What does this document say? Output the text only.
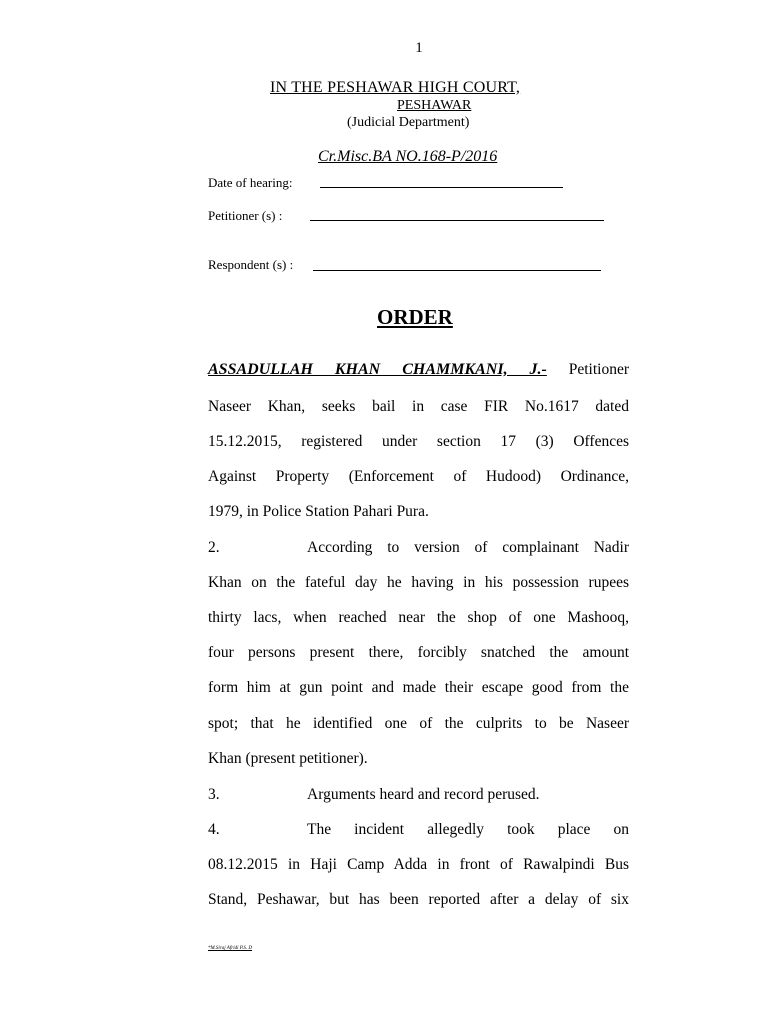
1
IN THE PESHAWAR HIGH COURT,
PESHAWAR
(Judicial Department)
Cr.Misc.BA NO.168-P/2016
Date of hearing:
Petitioner (s) :
Respondent (s) :
ORDER
ASSADULLAH KHAN CHAMMKANI, J.- Petitioner
Naseer Khan, seeks bail in case FIR No.1617 dated
15.12.2015, registered under section 17 (3) Offences
Against Property (Enforcement of Hudood) Ordinance,
1979, in Police Station Pahari Pura.
2.	According to version of complainant Nadir
Khan on the fateful day he having in his possession rupees
thirty lacs, when reached near the shop of one Mashooq,
four persons present there, forcibly snatched the amount
form him at gun point and made their escape good from the
spot; that he identified one of the culprits to be Naseer
Khan (present petitioner).
3.	Arguments heard and record perused.
4.	The incident allegedly took place on
08.12.2015 in Haji Camp Adda in front of Rawalpindi Bus
Stand, Peshawar, but has been reported after a delay of six
*M.Siraj Afridi P.S. D
